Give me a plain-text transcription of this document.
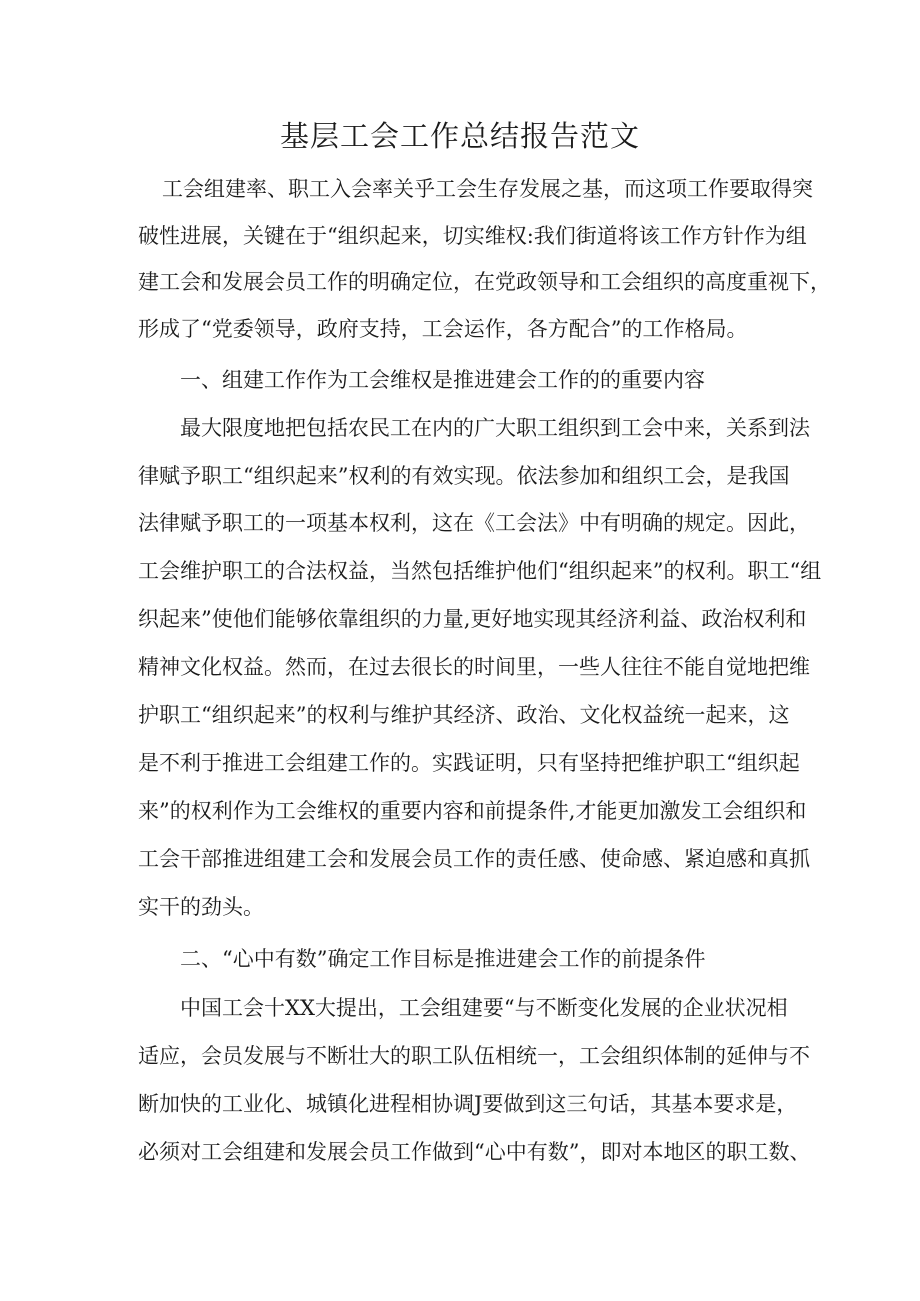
基层工会工作总结报告范文
工会组建率、职工入会率关乎工会生存发展之基，而这项工作要取得突
破性进展，关键在于“组织起来，切实维权:我们街道将该工作方针作为组
建工会和发展会员工作的明确定位，在党政领导和工会组织的高度重视下，
形成了“党委领导，政府支持，工会运作，各方配合”的工作格局。
一、组建工作作为工会维权是推进建会工作的的重要内容
最大限度地把包括农民工在内的广大职工组织到工会中来，关系到法
律赋予职工“组织起来”权利的有效实现。依法参加和组织工会，是我国
法律赋予职工的一项基本权利，这在《工会法》中有明确的规定。因此，
工会维护职工的合法权益，当然包括维护他们“组织起来”的权利。职工“组
织起来”使他们能够依靠组织的力量,更好地实现其经济利益、政治权利和
精神文化权益。然而，在过去很长的时间里，一些人往往不能自觉地把维
护职工“组织起来”的权利与维护其经济、政治、文化权益统一起来，这
是不利于推进工会组建工作的。实践证明，只有坚持把维护职工“组织起
来”的权利作为工会维权的重要内容和前提条件,才能更加激发工会组织和
工会干部推进组建工会和发展会员工作的责任感、使命感、紧迫感和真抓
实干的劲头。
二、“心中有数”确定工作目标是推进建会工作的前提条件
中国工会十XX大提出，工会组建要“与不断变化发展的企业状况相
适应，会员发展与不断壮大的职工队伍相统一，工会组织体制的延伸与不
断加快的工业化、城镇化进程相协调J要做到这三句话，其基本要求是，
必须对工会组建和发展会员工作做到“心中有数”，即对本地区的职工数、
